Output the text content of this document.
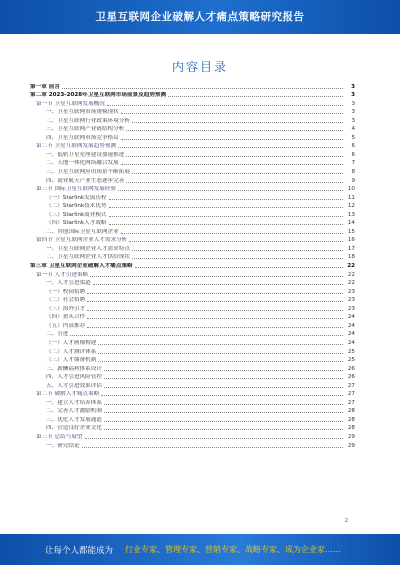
卫星互联网企业破解人才痛点策略研究报告
内容目录
第一章 前言	3
第二章 2023-2028年卫星互联网市场前景及趋势预测	3
第一节 卫星互联网发展概况	3
一、卫星互联网市场规模现状	3
二、卫星互联网行业政策环境分析	3
三、卫星互联网产业链结构分析	4
四、卫星互联网市场竞争格局	5
第二节 卫星互联网发展趋势预测	6
一、低轨卫星星座建设加速推进	6
二、天地一体化网络融合发展	7
三、卫星互联网应用场景不断拓展	8
四、商业航天产业生态逐步完善	9
第三节 国际卫星互联网发展经验	10
（一）Starlink发展历程	11
（二）Starlink技术优势	12
（三）Starlink商业模式	13
（四）Starlink人才战略	14
二、其他国际卫星互联网企业	15
第四节 卫星互联网企业人才需求分析	16
一、卫星互联网企业人才需求特点	17
二、卫星互联网企业人才供给现状	18
第三章 卫星互联网企业破解人才痛点策略	22
第一节 人才引进策略	22
一、人才引进渠道	22
（一）校园招聘	23
（二）社会招聘	23
（三）海外引才	23
（四）猎头合作	24
（五）内部推荐	24
二、引进	24
（一）人才画像构建	24
（二）人才测评体系	25
（三）人才储备机制	25
三、薪酬福利体系设计	26
四、人才引进风险管控	26
五、人才引进效果评估	27
第二节 破解人才痛点策略	27
一、建立人才培养体系	27
二、完善人才激励机制	28
三、优化人才发展通道	28
四、营造良好企业文化	28
第三节 总结与展望	29
一、研究结论	29
2
让每个人都能成为 行业专家、管理专家、营销专家、战略专家、成为企业家……
